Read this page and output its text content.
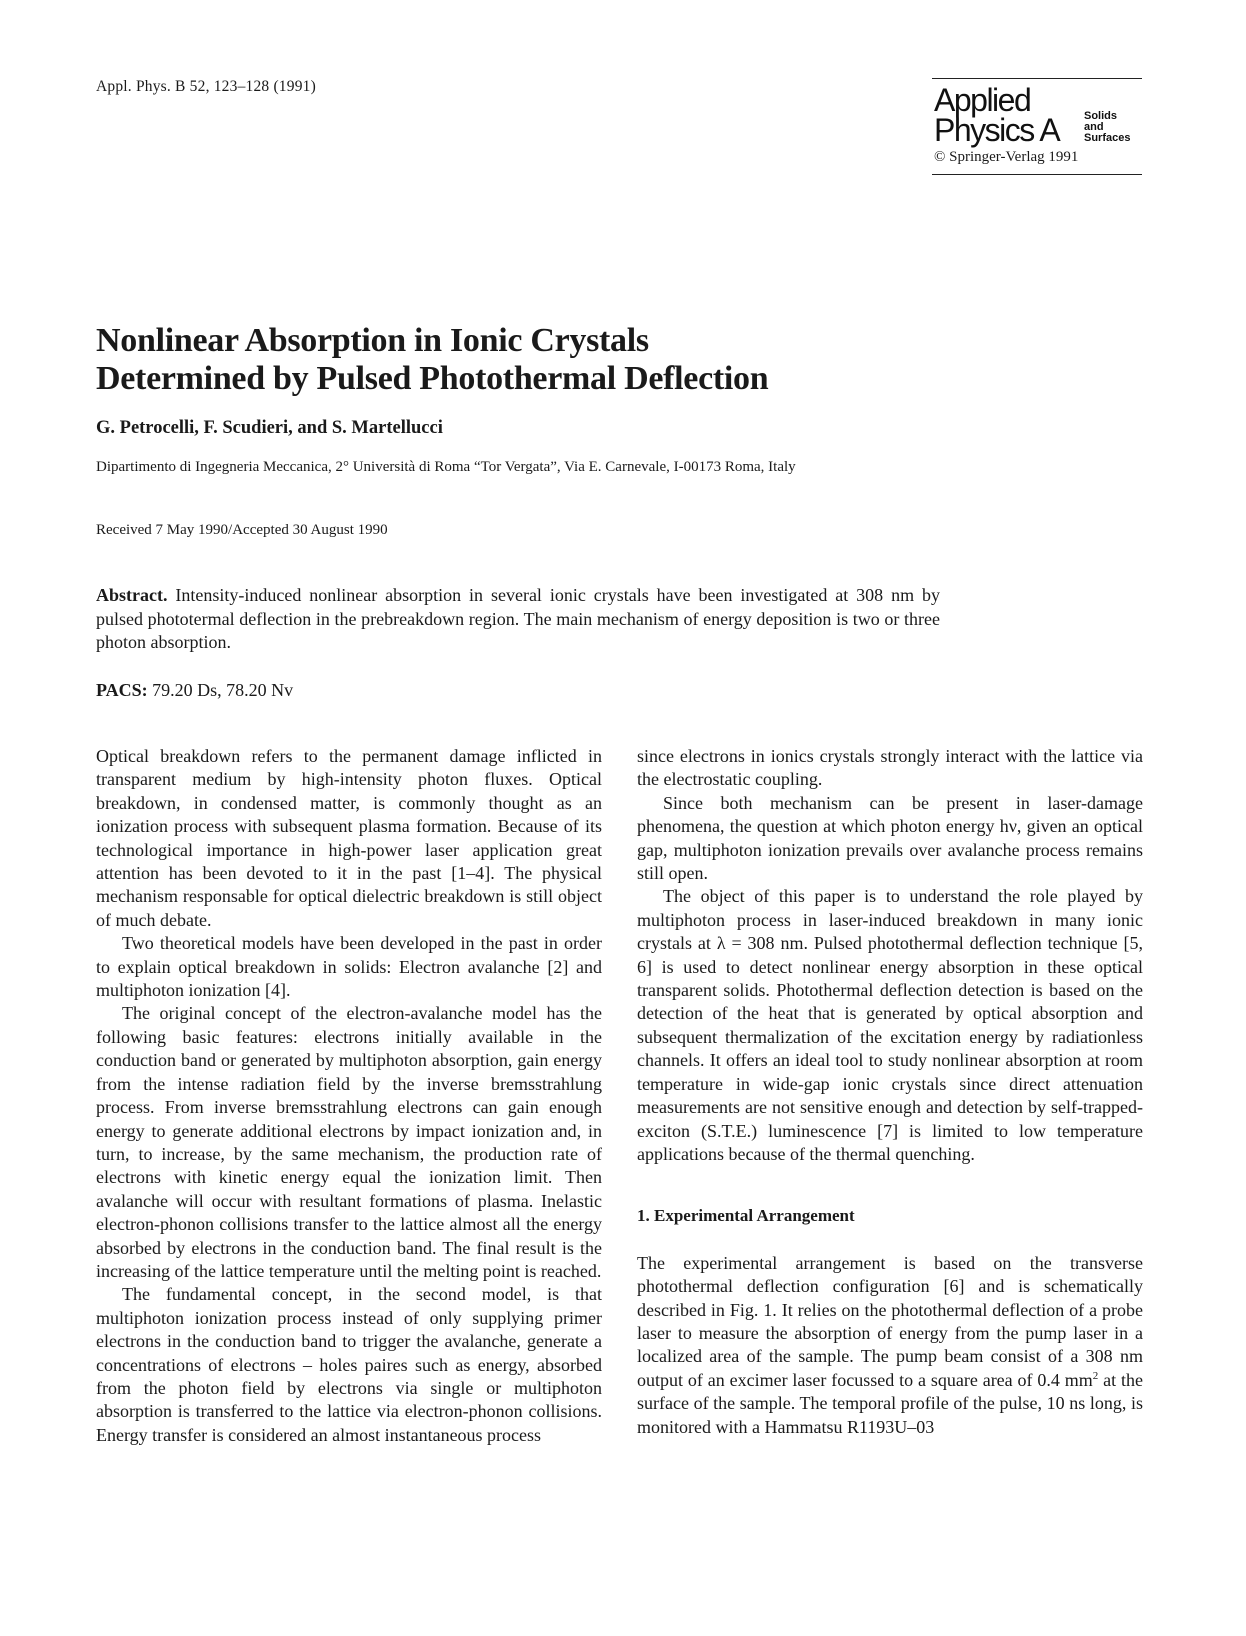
Appl. Phys. B 52, 123–128 (1991)	Applied
Physics A Solids
and
Surfaces
© Springer-Verlag 1991
Nonlinear Absorption in Ionic Crystals
Determined by Pulsed Photothermal Deflection
G. Petrocelli, F. Scudieri, and S. Martellucci
Dipartimento di Ingegneria Meccanica, 2° Università di Roma “Tor Vergata”, Via E. Carnevale, I-00173 Roma, Italy
Received 7 May 1990/Accepted 30 August 1990
Abstract. Intensity-induced nonlinear absorption in several ionic crystals have been investigated at 308 nm by pulsed phototermal deflection in the prebreakdown region. The main mechanism of energy deposition is two or three photon absorption.
PACS: 79.20 Ds, 78.20 Nv

Optical breakdown refers to the permanent damage inflicted in transparent medium by high-intensity photon fluxes. Optical breakdown, in condensed matter, is commonly thought as an ionization process with subsequent plasma formation. Because of its technological importance in high-power laser application great attention has been devoted to it in the past [1–4]. The physical mechanism responsable for optical dielectric breakdown is still object of much debate.

Two theoretical models have been developed in the past in order to explain optical breakdown in solids: Electron avalanche [2] and multiphoton ionization [4].

The original concept of the electron-avalanche model has the following basic features: electrons initially available in the conduction band or generated by multiphoton absorption, gain energy from the intense radiation field by the inverse bremsstrahlung process. From inverse bremsstrahlung electrons can gain enough energy to generate additional electrons by impact ionization and, in turn, to increase, by the same mechanism, the production rate of electrons with kinetic energy equal the ionization limit. Then avalanche will occur with resultant formations of plasma. Inelastic electron-phonon collisions transfer to the lattice almost all the energy absorbed by electrons in the conduction band. The final result is the increasing of the lattice temperature until the melting point is reached.

The fundamental concept, in the second model, is that multiphoton ionization process instead of only supplying primer electrons in the conduction band to trigger the avalanche, generate a concentrations of electrons – holes paires such as energy, absorbed from the photon field by electrons via single or multiphoton absorption is transferred to the lattice via electron-phonon collisions. Energy transfer is considered an almost instantaneous process

since electrons in ionics crystals strongly interact with the lattice via the electrostatic coupling.

Since both mechanism can be present in laser-damage phenomena, the question at which photon energy hν, given an optical gap, multiphoton ionization prevails over avalanche process remains still open.

The object of this paper is to understand the role played by multiphoton process in laser-induced breakdown in many ionic crystals at λ = 308 nm. Pulsed photothermal deflection technique [5, 6] is used to detect nonlinear energy absorption in these optical transparent solids. Photothermal deflection detection is based on the detection of the heat that is generated by optical absorption and subsequent thermalization of the excitation energy by radiationless channels. It offers an ideal tool to study nonlinear absorption at room temperature in wide-gap ionic crystals since direct attenuation measurements are not sensitive enough and detection by self-trapped-exciton (S.T.E.) luminescence [7] is limited to low temperature applications because of the thermal quenching.

1. Experimental Arrangement

The experimental arrangement is based on the transverse photothermal deflection configuration [6] and is schematically described in Fig. 1. It relies on the photothermal deflection of a probe laser to measure the absorption of energy from the pump laser in a localized area of the sample. The pump beam consist of a 308 nm output of an excimer laser focussed to a square area of 0.4 $mm^2$ at the surface of the sample. The temporal profile of the pulse, 10 ns long, is monitored with a Hammatsu R1193U–03
